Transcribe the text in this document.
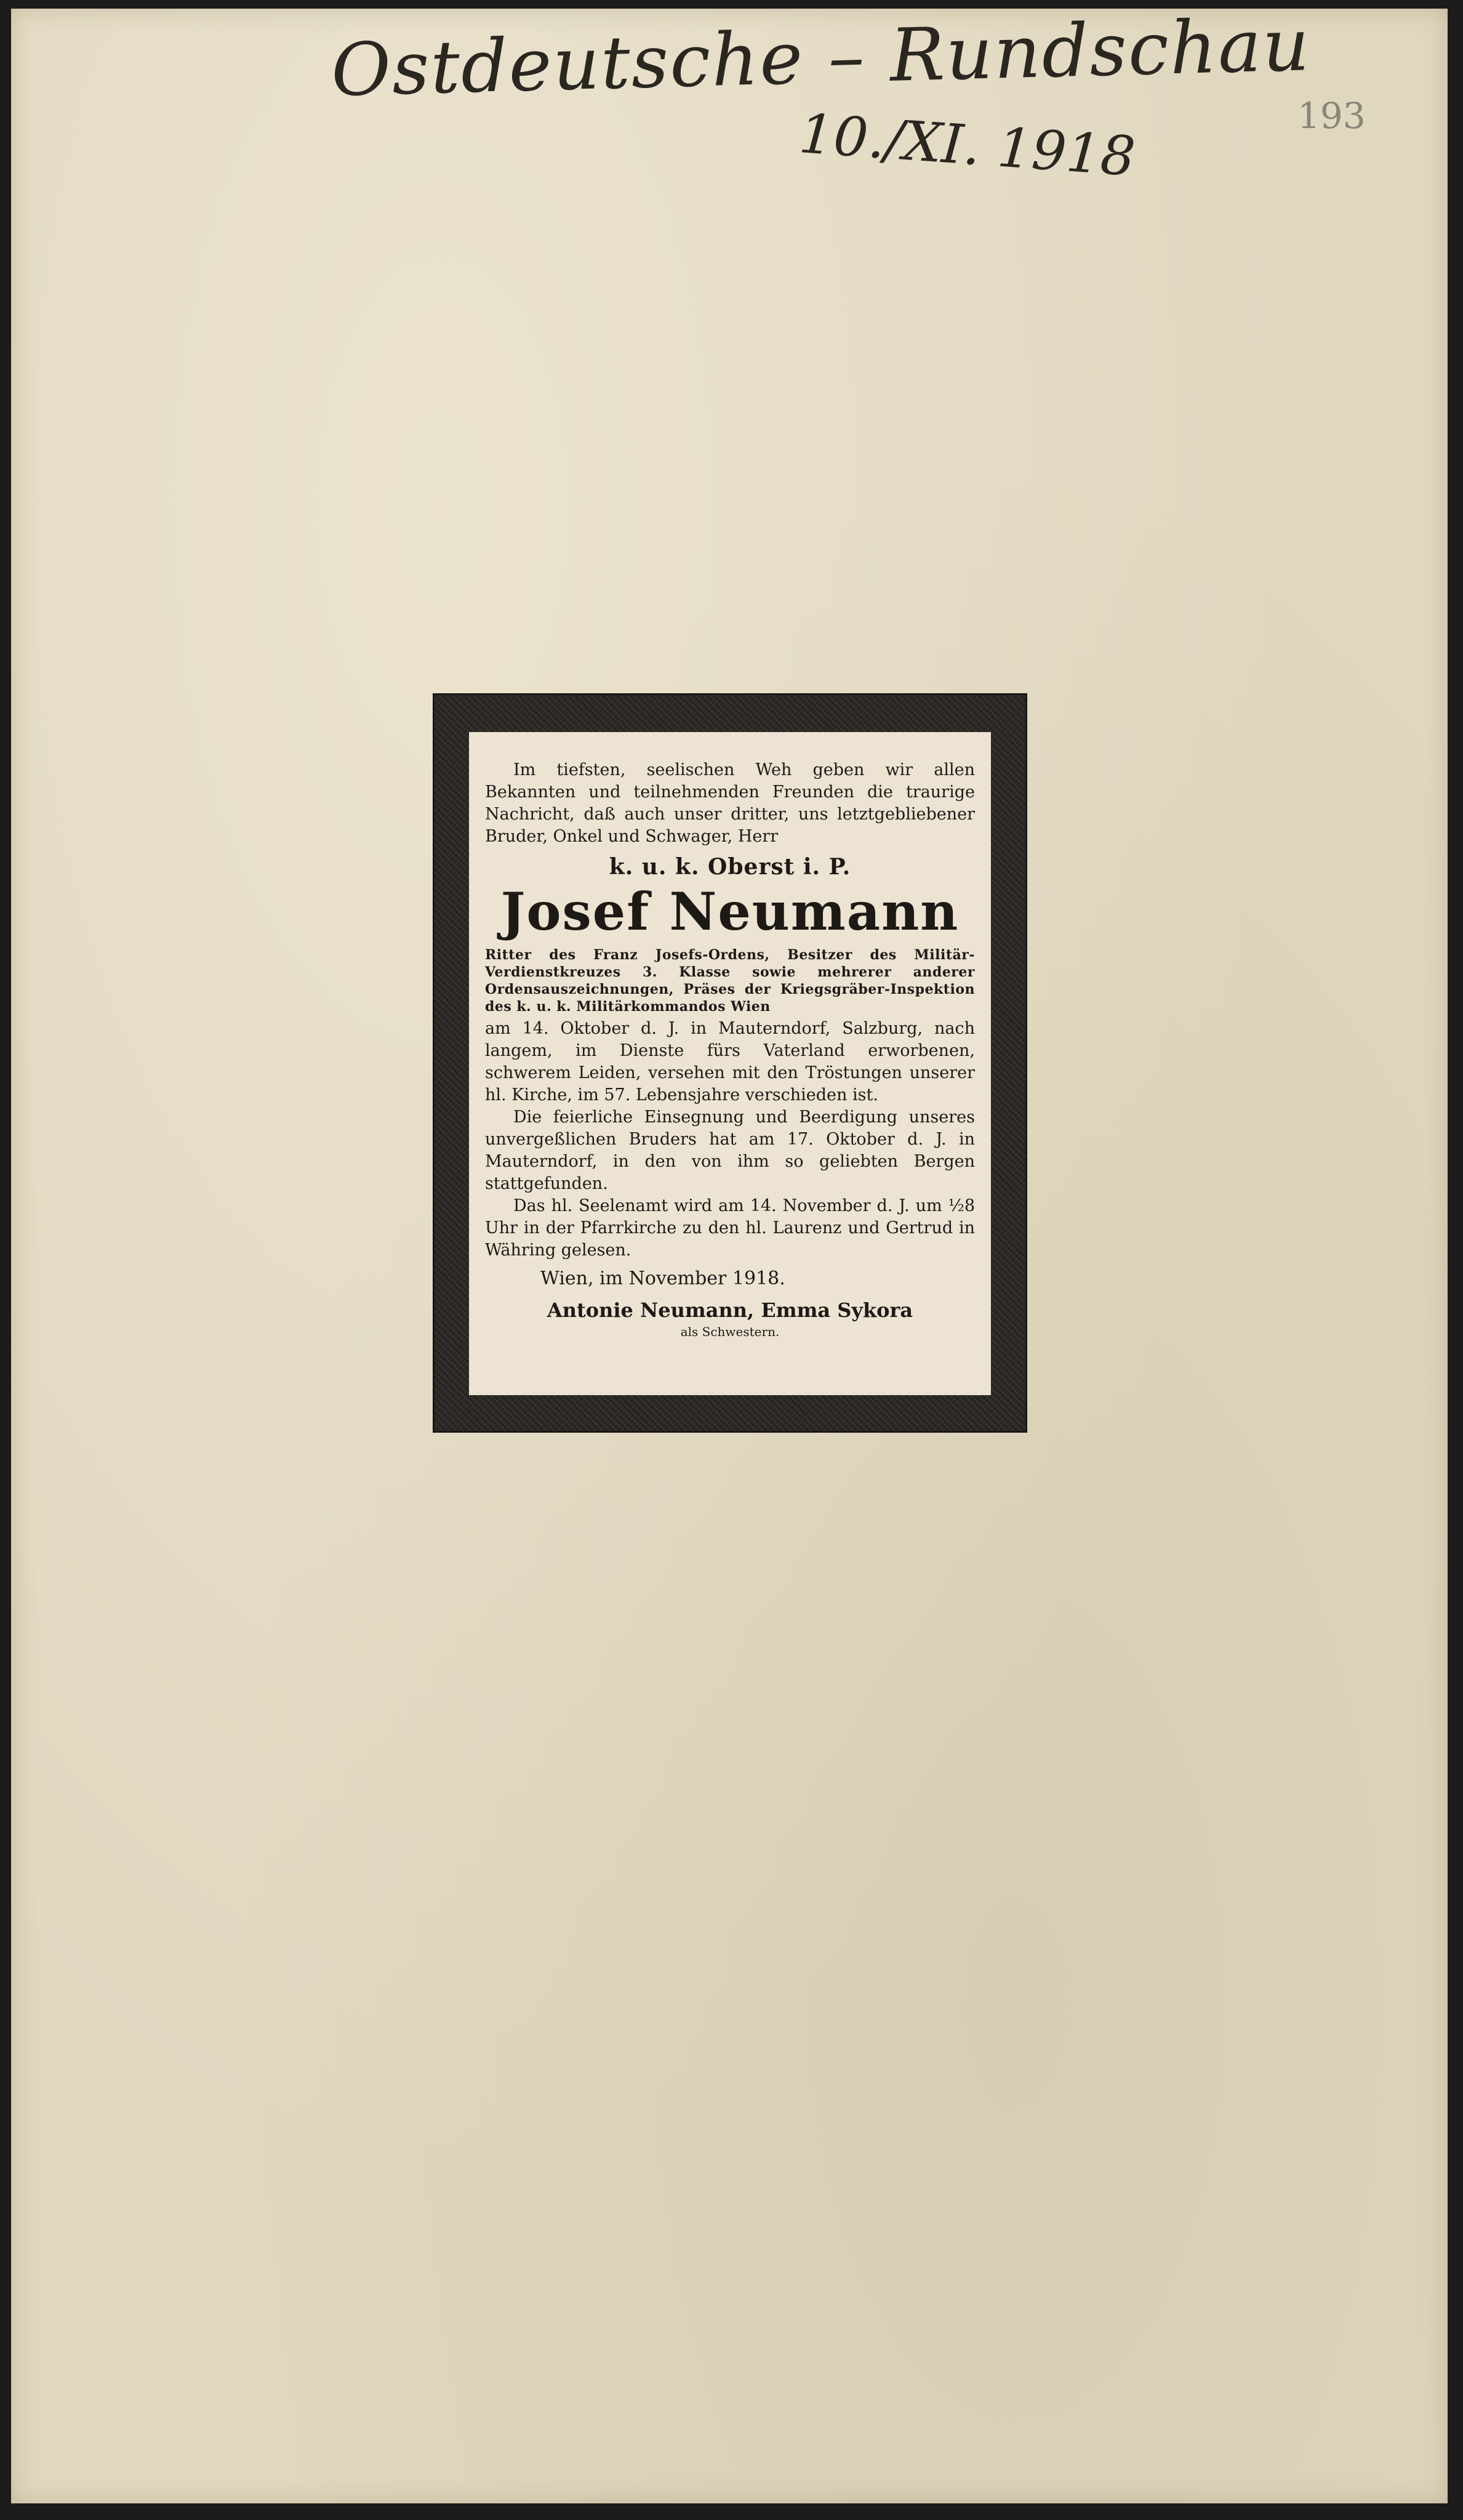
Ostdeutsche – Rundschau
10./XI. 1918	193

Im tiefsten, seelischen Weh geben wir allen Bekannten und teilnehmenden Freunden die traurige Nachricht, daß auch unser dritter, uns letztgebliebener Bruder, Onkel und Schwager, Herr

k. u. k. Oberst i. P.
Josef Neumann

Ritter des Franz Josefs-Ordens, Besitzer des Militär-Verdienstkreuzes 3. Klasse sowie mehrerer anderer Ordensauszeichnungen, Präses der Kriegsgräber-Inspektion des k. u. k. Militärkommandos Wien

am 14. Oktober d. J. in Mauterndorf, Salzburg, nach langem, im Dienste fürs Vaterland erworbenen, schwerem Leiden, versehen mit den Tröstungen unserer hl. Kirche, im 57. Lebensjahre verschieden ist.

Die feierliche Einsegnung und Beerdigung unseres unvergeßlichen Bruders hat am 17. Oktober d. J. in Mauterndorf, in den von ihm so geliebten Bergen stattgefunden.

Das hl. Seelenamt wird am 14. November d. J. um ½8 Uhr in der Pfarrkirche zu den hl. Laurenz und Gertrud in Währing gelesen.

Wien, im November 1918.

Antonie Neumann, Emma Sykora
als Schwestern.
